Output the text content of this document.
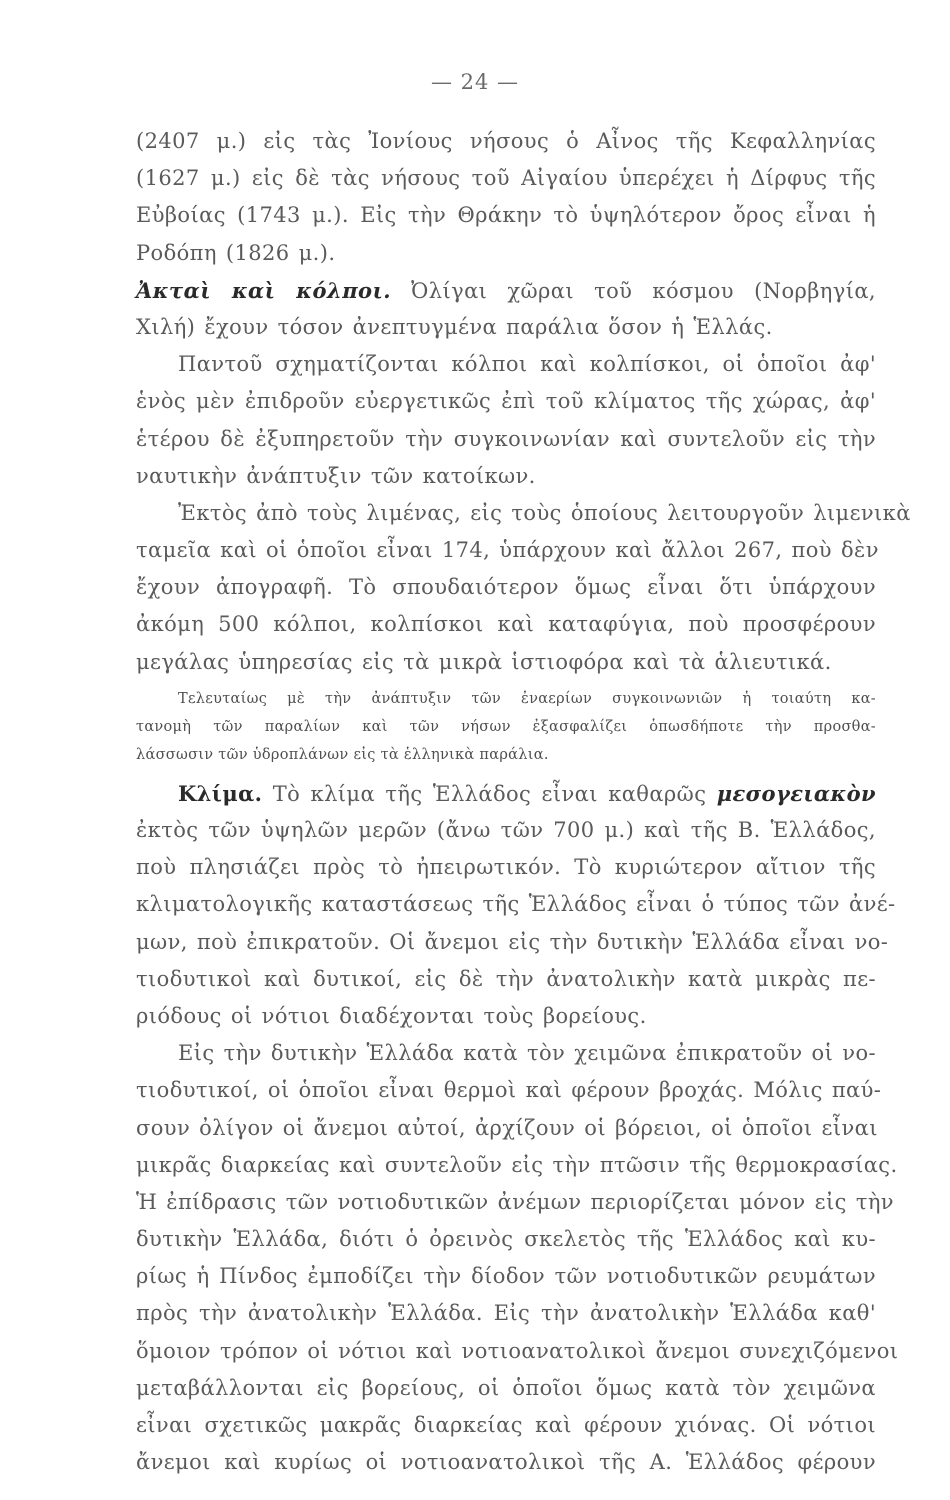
— 24 —
(2407 μ.) εἰς τὰς Ἰονίους νήσους ὁ Αἶνος τῆς Κεφαλληνίας
(1627 μ.) εἰς δὲ τὰς νήσους τοῦ Αἰγαίου ὑπερέχει ἡ Δίρφυς τῆς
Εὐβοίας (1743 μ.). Εἰς τὴν Θράκην τὸ ὑψηλότερον ὄρος εἶναι ἡ
Ροδόπη (1826 μ.).
Ἀκταὶ καὶ κόλποι. Ὀλίγαι χῶραι τοῦ κόσμου (Νορβηγία,
Χιλή) ἔχουν τόσον ἀνεπτυγμένα παράλια ὅσον ἡ Ἑλλάς.
Παντοῦ σχηματίζονται κόλποι καὶ κολπίσκοι, οἱ ὁποῖοι ἀφ'
ἑνὸς μὲν ἐπιδροῦν εὐεργετικῶς ἐπὶ τοῦ κλίματος τῆς χώρας, ἀφ'
ἑτέρου δὲ ἐξυπηρετοῦν τὴν συγκοινωνίαν καὶ συντελοῦν εἰς τὴν
ναυτικὴν ἀνάπτυξιν τῶν κατοίκων.
Ἐκτὸς ἀπὸ τοὺς λιμένας, εἰς τοὺς ὁποίους λειτουργοῦν λιμενικὰ
ταμεῖα καὶ οἱ ὁποῖοι εἶναι 174, ὑπάρχουν καὶ ἄλλοι 267, ποὺ δὲν
ἔχουν ἀπογραφῆ. Τὸ σπουδαιότερον ὅμως εἶναι ὅτι ὑπάρχουν
ἀκόμη 500 κόλποι, κολπίσκοι καὶ καταφύγια, ποὺ προσφέρουν
μεγάλας ὑπηρεσίας εἰς τὰ μικρὰ ἱστιοφόρα καὶ τὰ ἁλιευτικά.
Τελευταίως μὲ τὴν ἀνάπτυξιν τῶν ἐναερίων συγκοινωνιῶν ἡ τοιαύτη κα-
τανομὴ τῶν παραλίων καὶ τῶν νήσων ἐξασφαλίζει ὁπωσδήποτε τὴν προσθα-
λάσσωσιν τῶν ὑδροπλάνων εἰς τὰ ἑλληνικὰ παράλια.
Κλίμα. Τὸ κλίμα τῆς Ἑλλάδος εἶναι καθαρῶς μεσογειακὸν
ἐκτὸς τῶν ὑψηλῶν μερῶν (ἄνω τῶν 700 μ.) καὶ τῆς Β. Ἑλλάδος,
ποὺ πλησιάζει πρὸς τὸ ἠπειρωτικόν. Τὸ κυριώτερον αἴτιον τῆς
κλιματολογικῆς καταστάσεως τῆς Ἑλλάδος εἶναι ὁ τύπος τῶν ἀνέ-
μων, ποὺ ἐπικρατοῦν. Οἱ ἄνεμοι εἰς τὴν δυτικὴν Ἑλλάδα εἶναι νο-
τιοδυτικοὶ καὶ δυτικοί, εἰς δὲ τὴν ἀνατολικὴν κατὰ μικρὰς πε-
ριόδους οἱ νότιοι διαδέχονται τοὺς βορείους.
Εἰς τὴν δυτικὴν Ἑλλάδα κατὰ τὸν χειμῶνα ἐπικρατοῦν οἱ νο-
τιοδυτικοί, οἱ ὁποῖοι εἶναι θερμοὶ καὶ φέρουν βροχάς. Μόλις παύ-
σουν ὀλίγον οἱ ἄνεμοι αὐτοί, ἀρχίζουν οἱ βόρειοι, οἱ ὁποῖοι εἶναι
μικρᾶς διαρκείας καὶ συντελοῦν εἰς τὴν πτῶσιν τῆς θερμοκρασίας.
Ἡ ἐπίδρασις τῶν νοτιοδυτικῶν ἀνέμων περιορίζεται μόνον εἰς τὴν
δυτικὴν Ἑλλάδα, διότι ὁ ὀρεινὸς σκελετὸς τῆς Ἑλλάδος καὶ κυ-
ρίως ἡ Πίνδος ἐμποδίζει τὴν δίοδον τῶν νοτιοδυτικῶν ρευμάτων
πρὸς τὴν ἀνατολικὴν Ἑλλάδα. Εἰς τὴν ἀνατολικὴν Ἑλλάδα καθ'
ὅμοιον τρόπον οἱ νότιοι καὶ νοτιοανατολικοὶ ἄνεμοι συνεχιζόμενοι
μεταβάλλονται εἰς βορείους, οἱ ὁποῖοι ὅμως κατὰ τὸν χειμῶνα
εἶναι σχετικῶς μακρᾶς διαρκείας καὶ φέρουν χιόνας. Οἱ νότιοι
ἄνεμοι καὶ κυρίως οἱ νοτιοανατολικοὶ τῆς Α. Ἑλλάδος φέρουν
